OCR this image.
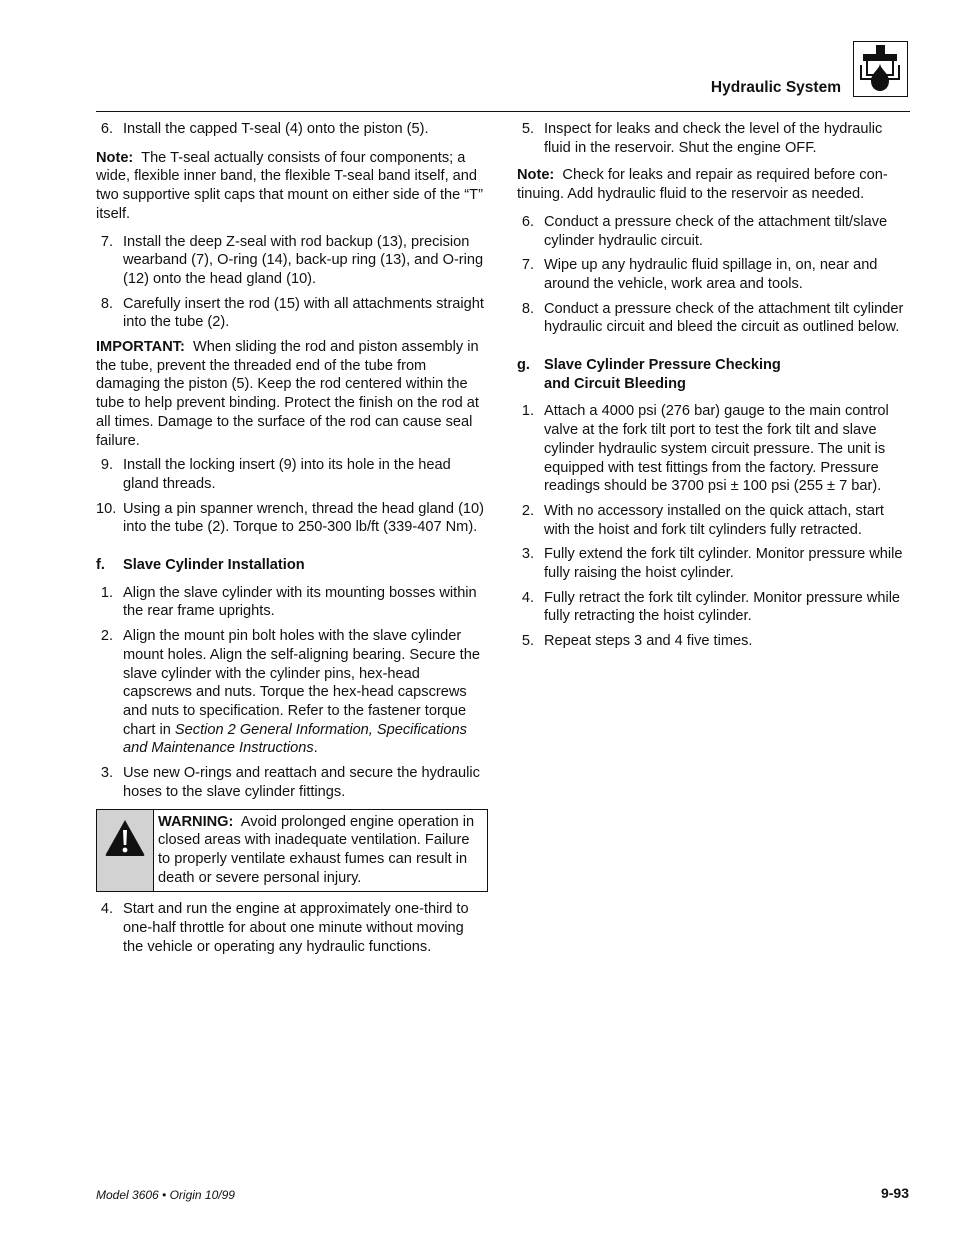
Hydraulic System
6. Install the capped T-seal (4) onto the piston (5).

Note: The T-seal actually consists of four components; a wide, flexible inner band, the flexible T-seal band itself, and two supportive split caps that mount on either side of the “T” itself.

7. Install the deep Z-seal with rod backup (13), precision wearband (7), O-ring (14), back-up ring (13), and O-ring (12) onto the head gland (10).
8. Carefully insert the rod (15) with all attachments straight into the tube (2).

IMPORTANT: When sliding the rod and piston assembly in the tube, prevent the threaded end of the tube from damaging the piston (5). Keep the rod centered within the tube to help prevent binding. Protect the finish on the rod at all times. Damage to the surface of the rod can cause seal failure.

9. Install the locking insert (9) into its hole in the head gland threads.
10. Using a pin spanner wrench, thread the head gland (10) into the tube (2). Torque to 250-300 lb/ft (339-407 Nm).
f.	Slave Cylinder Installation
1. Align the slave cylinder with its mounting bosses within the rear frame uprights.
2. Align the mount pin bolt holes with the slave cylinder mount holes. Align the self-aligning bearing. Secure the slave cylinder with the cylinder pins, hex-head capscrews and nuts. Torque the hex-head capscrews and nuts to specification. Refer to the fastener torque chart in Section 2 General Information, Specifications and Maintenance Instructions.
3. Use new O-rings and reattach and secure the hydraulic hoses to the slave cylinder fittings.
WARNING: Avoid prolonged engine operation in closed areas with inadequate ventilation. Failure to properly ventilate exhaust fumes can result in death or severe personal injury.
4. Start and run the engine at approximately one-third to one-half throttle for about one minute without moving the vehicle or operating any hydraulic functions.
5. Inspect for leaks and check the level of the hydraulic fluid in the reservoir. Shut the engine OFF.

Note: Check for leaks and repair as required before con-tinuing. Add hydraulic fluid to the reservoir as needed.

6. Conduct a pressure check of the attachment tilt/slave cylinder hydraulic circuit.
7. Wipe up any hydraulic fluid spillage in, on, near and around the vehicle, work area and tools.
8. Conduct a pressure check of the attachment tilt cylinder hydraulic circuit and bleed the circuit as outlined below.
g. Slave Cylinder Pressure Checking
and Circuit Bleeding
1. Attach a 4000 psi (276 bar) gauge to the main control valve at the fork tilt port to test the fork tilt and slave cylinder hydraulic system circuit pressure. The unit is equipped with test fittings from the factory. Pressure readings should be 3700 psi ± 100 psi (255 ± 7 bar).
2. With no accessory installed on the quick attach, start with the hoist and fork tilt cylinders fully retracted.
3. Fully extend the fork tilt cylinder. Monitor pressure while fully raising the hoist cylinder.
4. Fully retract the fork tilt cylinder. Monitor pressure while fully retracting the hoist cylinder.
5. Repeat steps 3 and 4 five times.
Model 3606 • Origin 10/99	9-93
